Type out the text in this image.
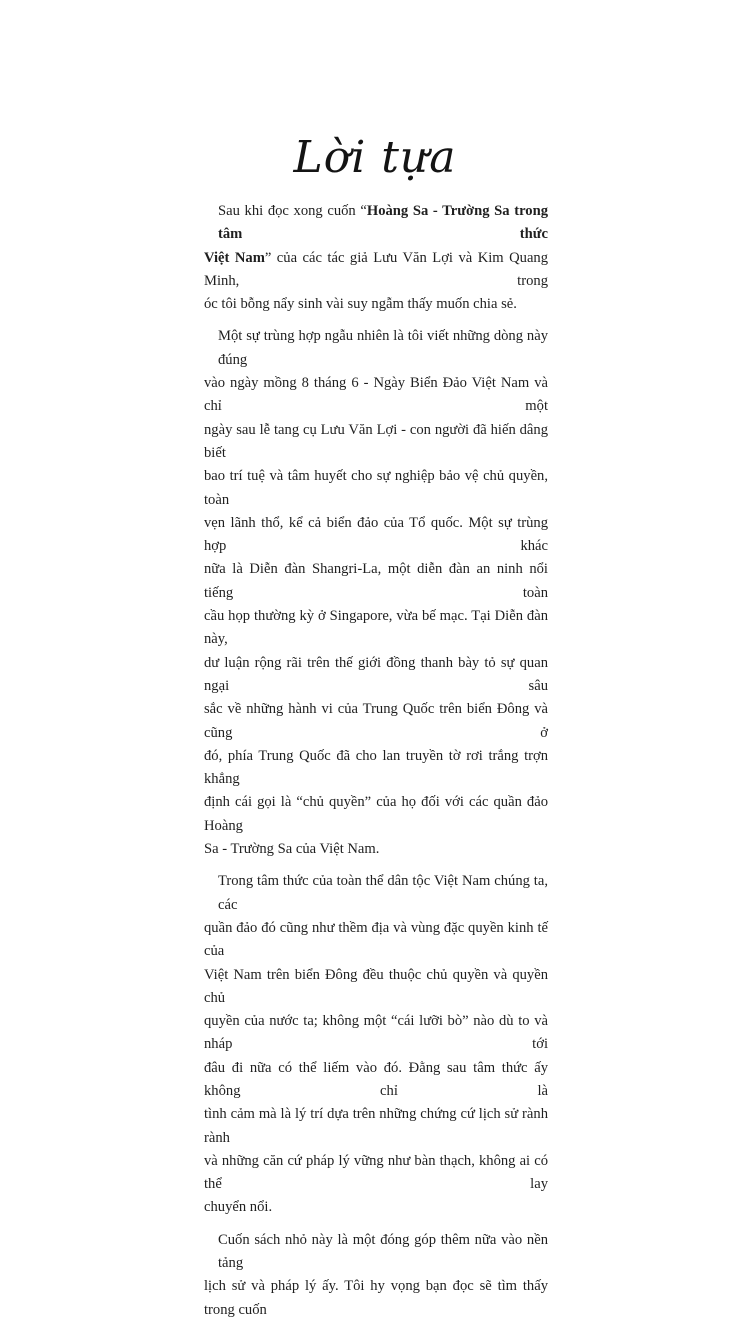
Lời tựa

Sau khi đọc xong cuốn “Hoàng Sa - Trường Sa trong tâm thức
Việt Nam” của các tác giả Lưu Văn Lợi và Kim Quang Minh, trong
óc tôi bỗng nẩy sinh vài suy ngẫm thấy muốn chia sẻ.

Một sự trùng hợp ngẫu nhiên là tôi viết những dòng này đúng
vào ngày mồng 8 tháng 6 - Ngày Biển Đảo Việt Nam và chỉ một
ngày sau lễ tang cụ Lưu Văn Lợi - con người đã hiến dâng biết
bao trí tuệ và tâm huyết cho sự nghiệp bảo vệ chủ quyền, toàn
vẹn lãnh thổ, kể cả biển đảo của Tổ quốc. Một sự trùng hợp khác
nữa là Diễn đàn Shangri-La, một diễn đàn an ninh nổi tiếng toàn
cầu họp thường kỳ ở Singapore, vừa bế mạc. Tại Diễn đàn này,
dư luận rộng rãi trên thế giới đồng thanh bày tỏ sự quan ngại sâu
sắc về những hành vi của Trung Quốc trên biển Đông và cũng ở
đó, phía Trung Quốc đã cho lan truyền tờ rơi trắng trợn khẳng
định cái gọi là “chủ quyền” của họ đối với các quần đảo Hoàng
Sa - Trường Sa của Việt Nam.

Trong tâm thức của toàn thể dân tộc Việt Nam chúng ta, các
quần đảo đó cũng như thềm địa và vùng đặc quyền kinh tế của
Việt Nam trên biển Đông đều thuộc chủ quyền và quyền chủ
quyền của nước ta; không một “cái lưỡi bò” nào dù to và nháp tới
đâu đi nữa có thể liếm vào đó. Đằng sau tâm thức ấy không chỉ là
tình cảm mà là lý trí dựa trên những chứng cứ lịch sử rành rành
và những căn cứ pháp lý vững như bàn thạch, không ai có thể lay
chuyển nổi.

Cuốn sách nhỏ này là một đóng góp thêm nữa vào nền tảng
lịch sử và pháp lý ấy. Tôi hy vọng bạn đọc sẽ tìm thấy trong cuốn
